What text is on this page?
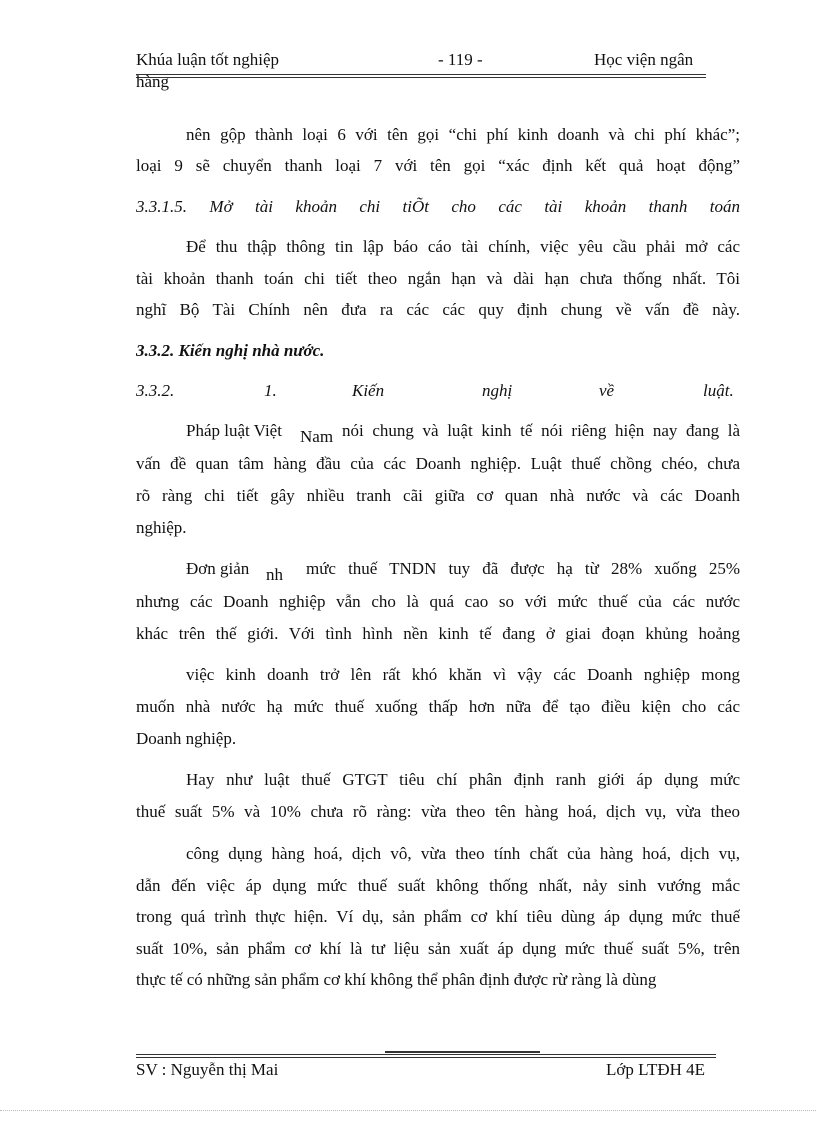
Khúa luận tốt nghiệp	- 119 -	Học viện ngân
hàng
nên gộp thành loại 6 với tên gọi “chi phí kinh doanh và chi phí khác”;
loại 9 sẽ chuyển thanh loại 7 với tên gọi “xác định kết quả hoạt động”
3.3.1.5. Mở tài khoản chi tiÕt cho các tài khoản thanh toán
Để thu thập thông tin lập báo cáo tài chính, việc yêu cầu phải mở các
tài khoản thanh toán chi tiết theo ngắn hạn và dài hạn chưa thống nhất. Tôi
nghĩ Bộ Tài Chính nên đưa ra các các quy định chung về vấn đề này.
3.3.2. Kiến nghị nhà nước.
3.3.2.	1.	Kiến	nghị	về	luật.
Pháp luật Việt Nam nói chung và luật kinh tế nói riêng hiện nay đang là
vấn đề quan tâm hàng đầu của các Doanh nghiệp. Luật thuế chồng chéo, chưa
rõ ràng chi tiết gây nhiều tranh cãi giữa cơ quan nhà nước và các Doanh
nghiệp.
Đơn giản nh mức thuế TNDN tuy đã được hạ từ 28% xuống 25%
nhưng các Doanh nghiệp vẫn cho là quá cao so với mức thuế của các nước
khác trên thế giới. Với tình hình nền kinh tế đang ở giai đoạn khủng hoảng
việc kinh doanh trở lên rất khó khăn vì vậy các Doanh nghiệp mong
muốn nhà nước hạ mức thuế xuống thấp hơn nữa để tạo điều kiện cho các
Doanh nghiệp.
Hay như luật thuế GTGT tiêu chí phân định ranh giới áp dụng mức
thuế suất 5% và 10% chưa rõ ràng: vừa theo tên hàng hoá, dịch vụ, vừa theo
công dụng hàng hoá, dịch vô, vừa theo tính chất của hàng hoá, dịch vụ,
dẫn đến việc áp dụng mức thuế suất không thống nhất, nảy sinh vướng mắc
trong quá trình thực hiện. Ví dụ, sản phẩm cơ khí tiêu dùng áp dụng mức thuế
suất 10%, sản phẩm cơ khí là tư liệu sản xuất áp dụng mức thuế suất 5%, trên
thực tế có những sản phẩm cơ khí không thể phân định được rừ ràng là dùng
SV : Nguyễn thị Mai	Lớp LTĐH 4E
